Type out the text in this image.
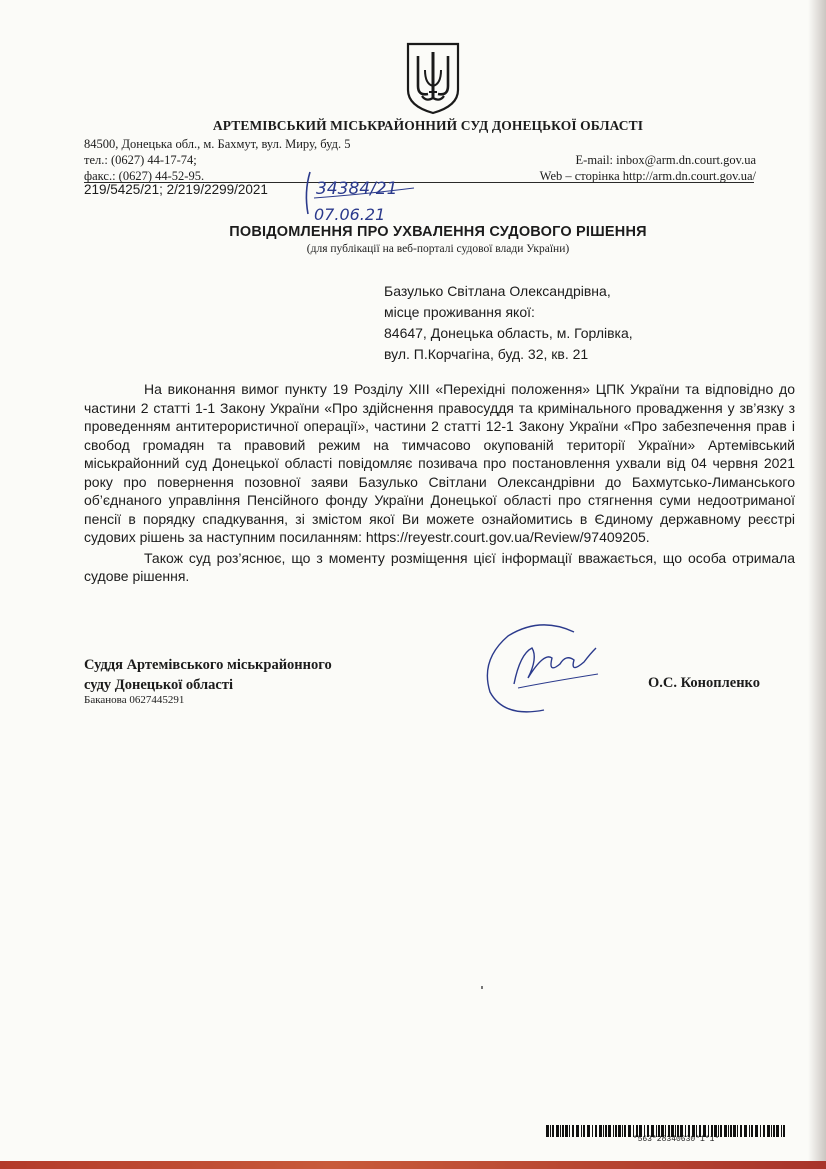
АРТЕМІВСЬКИЙ МІСЬКРАЙОННИЙ СУД ДОНЕЦЬКОЇ ОБЛАСТІ
84500, Донецька обл., м. Бахмут, вул. Миру, буд. 5
тел.: (0627) 44-17-74;
факс.: (0627) 44-52-95.
E-mail: inbox@arm.dn.court.gov.ua
Web – сторінка http://arm.dn.court.gov.ua/
219/5425/21; 2/219/2299/2021	34384/21
07.06.21
ПОВІДОМЛЕННЯ ПРО УХВАЛЕННЯ СУДОВОГО РІШЕННЯ
(для публікації на веб-порталі судової влади України)
Базулько Світлана Олександрівна,
місце проживання якої:
84647, Донецька область, м. Горлівка,
вул. П.Корчагіна, буд. 32, кв. 21

На виконання вимог пункту 19 Розділу XIII «Перехідні положення» ЦПК України та відповідно до частини 2 статті 1-1 Закону України «Про здійснення правосуддя та кримінального провадження у зв’язку з проведенням антитерористичної операції», частини 2 статті 12-1 Закону України «Про забезпечення прав і свобод громадян та правовий режим на тимчасово окупованій території України» Артемівський міськрайонний суд Донецької області повідомляє позивача про постановлення ухвали від 04 червня 2021 року про повернення позовної заяви Базулько Світлани Олександрівни до Бахмутсько-Лиманського об’єднаного управління Пенсійного фонду України Донецької області про стягнення суми недоотриманої пенсії в порядку спадкування, зі змістом якої Ви можете ознайомитись в Єдиному державному реєстрі судових рішень за наступним посиланням: https://reyestr.court.gov.ua/Review/97409205.

Також суд роз’яснює, що з моменту розміщення цієї інформації вважається, що особа отримала судове рішення.

Суддя Артемівського міськрайонного
суду Донецької області
Баканова 0627445291
О.С. Конопленко
*563*28340630*1*1*
